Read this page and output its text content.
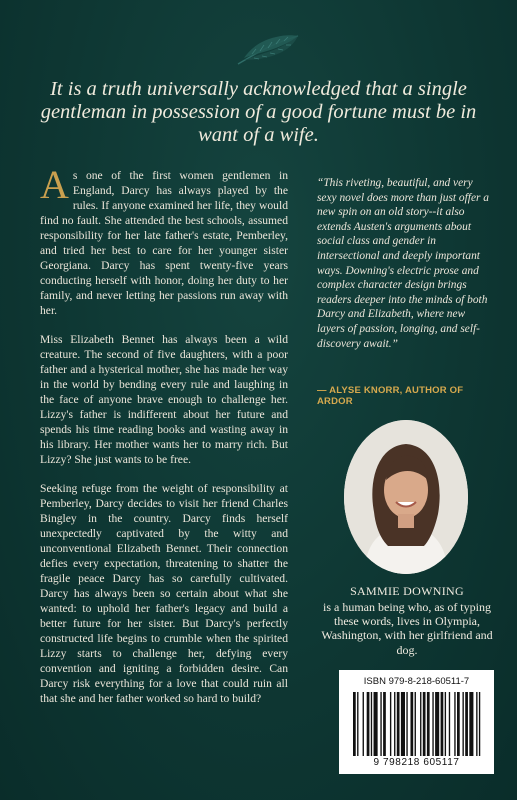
It is a truth universally acknowledged that a single gentleman in possession of a good fortune must be in want of a wife.

As one of the first women gentlemen in England, Darcy has always played by the rules. If anyone examined her life, they would find no fault. She attended the best schools, assumed responsibility for her late father's estate, Pemberley, and tried her best to care for her younger sister Georgiana. Darcy has spent twenty-five years conducting herself with honor, doing her duty to her family, and never letting her passions run away with her.

Miss Elizabeth Bennet has always been a wild creature. The second of five daughters, with a poor father and a hysterical mother, she has made her way in the world by bending every rule and laughing in the face of anyone brave enough to challenge her. Lizzy's father is indifferent about her future and spends his time reading books and wasting away in his library. Her mother wants her to marry rich. But Lizzy? She just wants to be free.

Seeking refuge from the weight of responsibility at Pemberley, Darcy decides to visit her friend Charles Bingley in the country. Darcy finds herself unexpectedly captivated by the witty and unconventional Elizabeth Bennet. Their connection defies every expectation, threatening to shatter the fragile peace Darcy has so carefully cultivated. Darcy has always been so certain about what she wanted: to uphold her father's legacy and build a better future for her sister. But Darcy's perfectly constructed life begins to crumble when the spirited Lizzy starts to challenge her, defying every convention and igniting a forbidden desire. Can Darcy risk everything for a love that could ruin all that she and her father worked so hard to build?

“This riveting, beautiful, and very sexy novel does more than just offer a new spin on an old story--it also extends Austen's arguments about social class and gender in intersectional and deeply important ways. Downing's electric prose and complex character design brings readers deeper into the minds of both Darcy and Elizabeth, where new layers of passion, longing, and self-discovery await.”
— ALYSE KNORR, AUTHOR OF ARDOR
SAMMIE DOWNING
is a human being who, as of typing these words, lives in Olympia, Washington, with her girlfriend and dog.
ISBN 979-8-218-60511-7
9 798218 605117
